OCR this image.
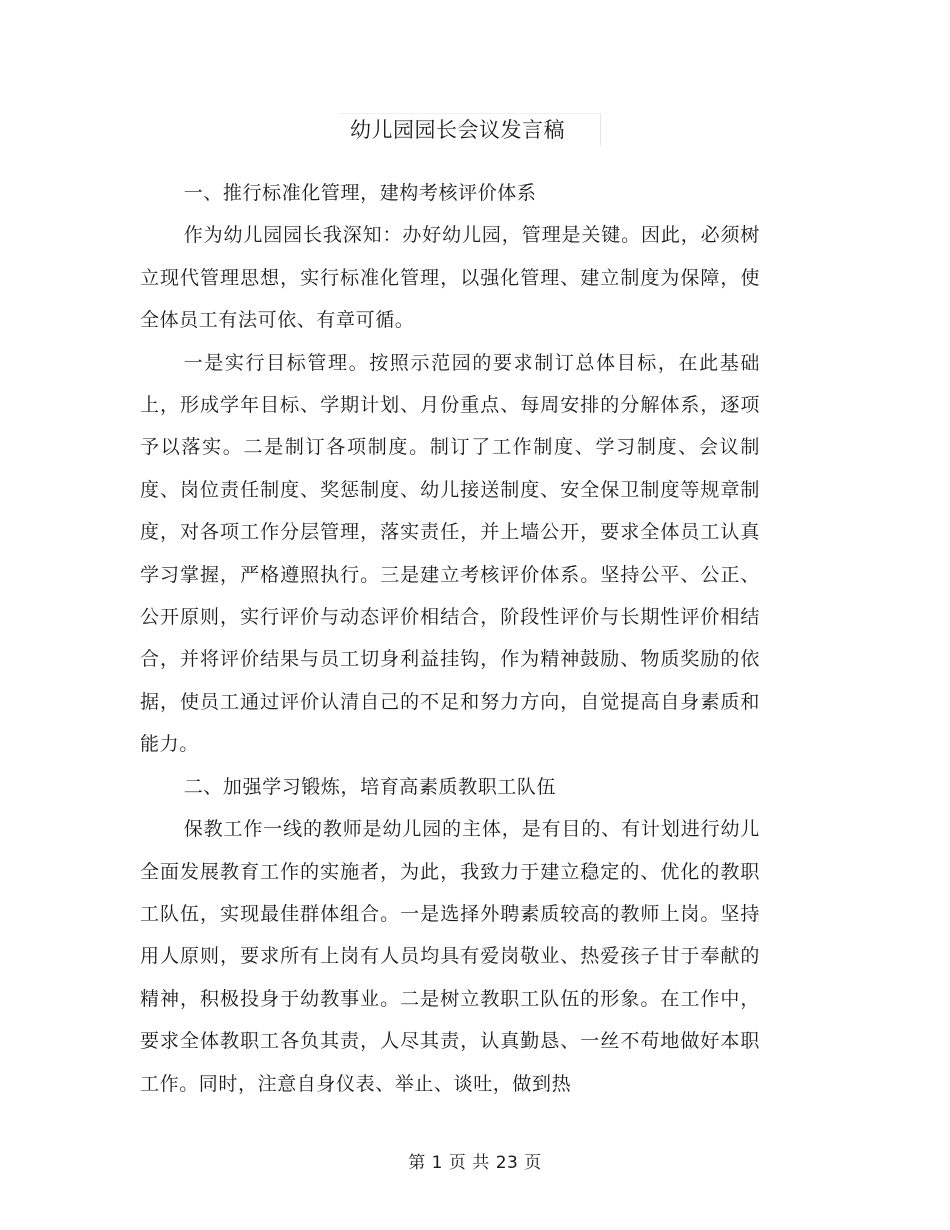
幼儿园园长会议发言稿

一、推行标准化管理，建构考核评价体系

作为幼儿园园长我深知：办好幼儿园，管理是关键。因此，必须树立现代管理思想，实行标准化管理，以强化管理、建立制度为保障，使全体员工有法可依、有章可循。

一是实行目标管理。按照示范园的要求制订总体目标，在此基础上，形成学年目标、学期计划、月份重点、每周安排的分解体系，逐项予以落实。二是制订各项制度。制订了工作制度、学习制度、会议制度、岗位责任制度、奖惩制度、幼儿接送制度、安全保卫制度等规章制度，对各项工作分层管理，落实责任，并上墙公开，要求全体员工认真学习掌握，严格遵照执行。三是建立考核评价体系。坚持公平、公正、公开原则，实行评价与动态评价相结合，阶段性评价与长期性评价相结合，并将评价结果与员工切身利益挂钩，作为精神鼓励、物质奖励的依据，使员工通过评价认清自己的不足和努力方向，自觉提高自身素质和能力。

二、加强学习锻炼，培育高素质教职工队伍

保教工作一线的教师是幼儿园的主体，是有目的、有计划进行幼儿全面发展教育工作的实施者，为此，我致力于建立稳定的、优化的教职工队伍，实现最佳群体组合。一是选择外聘素质较高的教师上岗。坚持用人原则，要求所有上岗有人员均具有爱岗敬业、热爱孩子甘于奉献的精神，积极投身于幼教事业。二是树立教职工队伍的形象。在工作中，要求全体教职工各负其责，人尽其责，认真勤恳、一丝不苟地做好本职工作。同时，注意自身仪表、举止、谈吐，做到热

第 1 页 共 23 页
